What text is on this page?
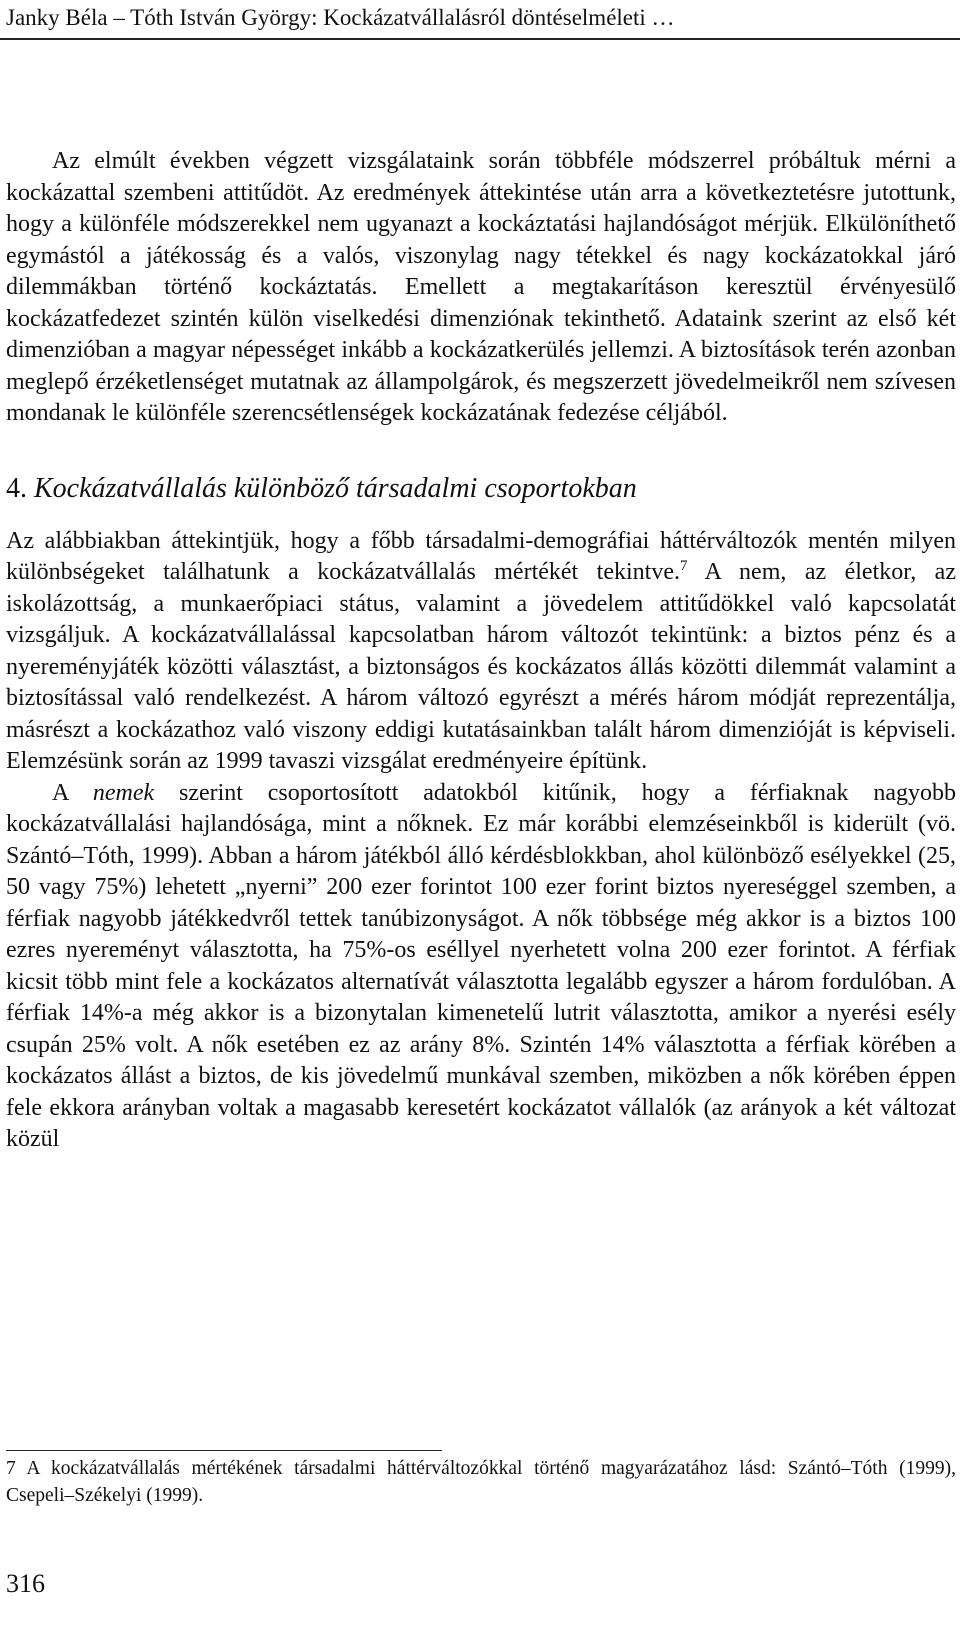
Janky Béla – Tóth István György: Kockázatvállalásról döntéselméleti …

Az elmúlt években végzett vizsgálataink során többféle módszerrel próbáltuk mérni a kockázattal szembeni attitűdöt. Az eredmények áttekintése után arra a következtetésre jutottunk, hogy a különféle módszerekkel nem ugyanazt a kockáztatási hajlandóságot mérjük. Elkülöníthető egymástól a játékosság és a valós, viszonylag nagy tétekkel és nagy kockázatokkal járó dilemmákban történő kockáztatás. Emellett a megtakarításon keresztül érvényesülő kockázatfedezet szintén külön viselkedési dimenziónak tekinthető. Adataink szerint az első két dimenzióban a magyar népességet inkább a kockázatkerülés jellemzi. A biztosítások terén azonban meglepő érzéketlenséget mutatnak az állampolgárok, és megszerzett jövedelmeikről nem szívesen mondanak le különféle szerencsétlenségek kockázatának fedezése céljából.

4. Kockázatvállalás különböző társadalmi csoportokban

Az alábbiakban áttekintjük, hogy a főbb társadalmi-demográfiai háttérváltozók mentén milyen különbségeket találhatunk a kockázatvállalás mértékét tekintve.$^7$ A nem, az életkor, az iskolázottság, a munkaerőpiaci státus, valamint a jövedelem attitűdökkel való kapcsolatát vizsgáljuk. A kockázatvállalással kapcsolatban három változót tekintünk: a biztos pénz és a nyereményjáték közötti választást, a biztonságos és kockázatos állás közötti dilemmát valamint a biztosítással való rendelkezést. A három változó egyrészt a mérés három módját reprezentálja, másrészt a kockázathoz való viszony eddigi kutatásainkban talált három dimenzióját is képviseli. Elemzésünk során az 1999 tavaszi vizsgálat eredményeire építünk.

A nemek szerint csoportosított adatokból kitűnik, hogy a férfiaknak nagyobb kockázatvállalási hajlandósága, mint a nőknek. Ez már korábbi elemzéseinkből is kiderült (vö. Szántó–Tóth, 1999). Abban a három játékból álló kérdésblokkban, ahol különböző esélyekkel (25, 50 vagy 75%) lehetett „nyerni” 200 ezer forintot 100 ezer forint biztos nyereséggel szemben, a férfiak nagyobb játékkedvről tettek tanúbizonyságot. A nők többsége még akkor is a biztos 100 ezres nyereményt választotta, ha 75%-os eséllyel nyerhetett volna 200 ezer forintot. A férfiak kicsit több mint fele a kockázatos alternatívát választotta legalább egyszer a három fordulóban. A férfiak 14%-a még akkor is a bizonytalan kimenetelű lutrit választotta, amikor a nyerési esély csupán 25% volt. A nők esetében ez az arány 8%. Szintén 14% választotta a férfiak körében a kockázatos állást a biztos, de kis jövedelmű munkával szemben, miközben a nők körében éppen fele ekkora arányban voltak a magasabb keresetért kockázatot vállalók (az arányok a két változat közül

7 A kockázatvállalás mértékének társadalmi háttérváltozókkal történő magyarázatához lásd: Szántó–Tóth (1999), Csepeli–Székelyi (1999).
316
